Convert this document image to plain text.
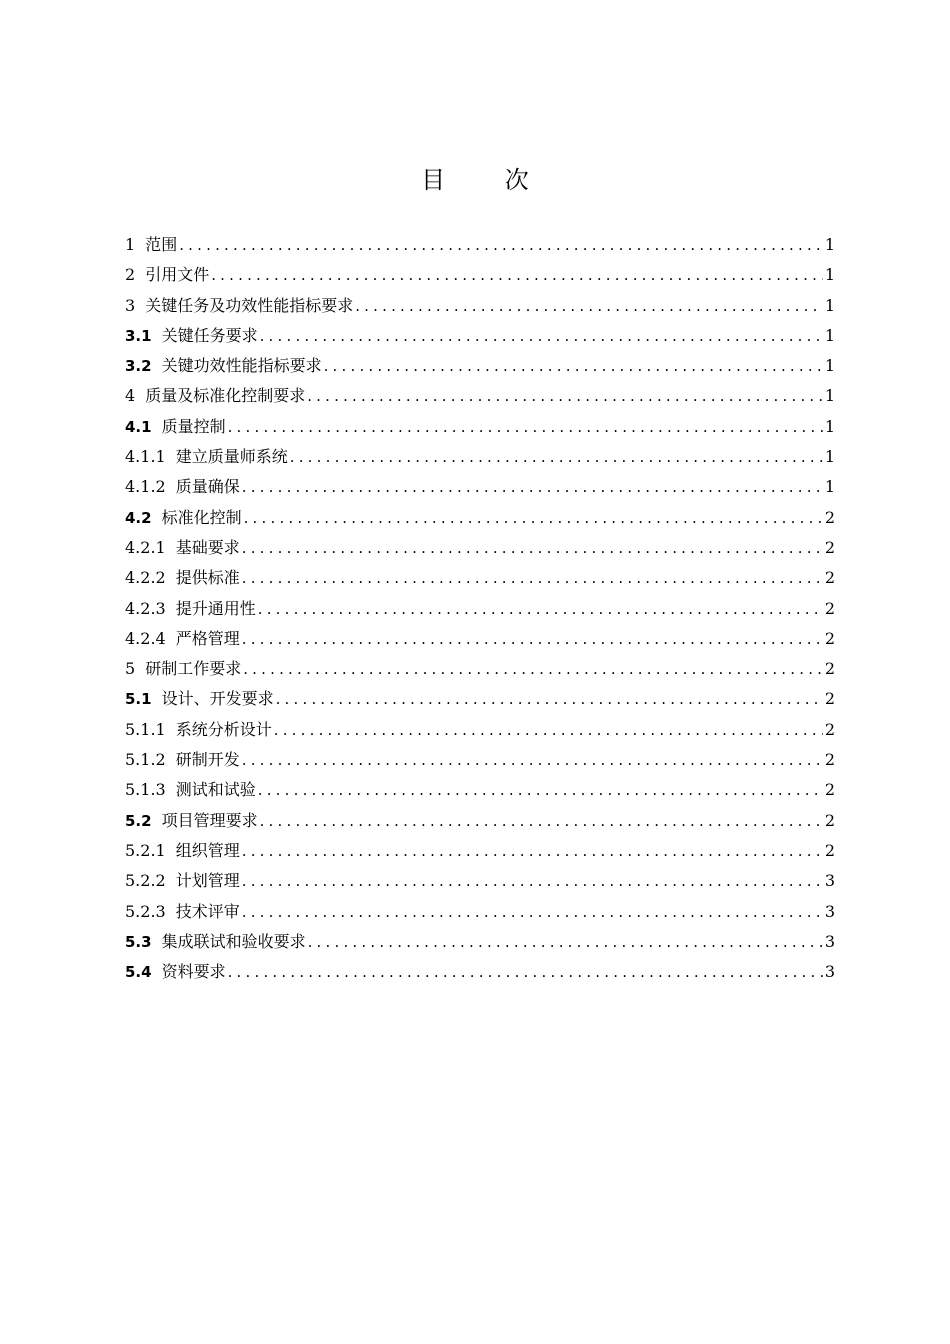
目 次
1 范围 .....	1
2 引用文件 .....	1
3 关键任务及功效性能指标要求 .....	1
3.1 关键任务要求 .....	1
3.2 关键功效性能指标要求 .....	1
4 质量及标准化控制要求 .....	1
4.1 质量控制 .....	1
4.1.1 建立质量师系统 .....	1
4.1.2 质量确保 .....	1
4.2 标准化控制 .....	2
4.2.1 基础要求 .....	2
4.2.2 提供标准 .....	2
4.2.3 提升通用性 .....	2
4.2.4 严格管理 .....	2
5 研制工作要求 .....	2
5.1 设计、开发要求 .....	2
5.1.1 系统分析设计 .....	2
5.1.2 研制开发 .....	2
5.1.3 测试和试验 .....	2
5.2 项目管理要求 .....	2
5.2.1 组织管理 .....	2
5.2.2 计划管理 .....	3
5.2.3 技术评审 .....	3
5.3 集成联试和验收要求 .....	3
5.4 资料要求 .....	3
